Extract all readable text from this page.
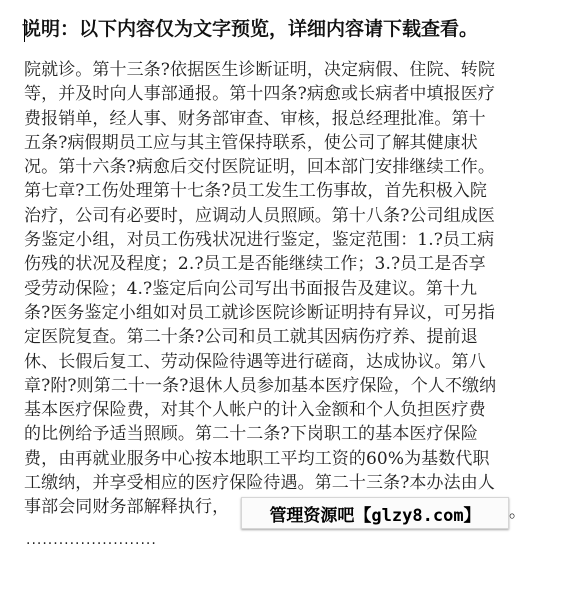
说明：以下内容仅为文字预览，详细内容请下载查看。
院就诊。第十三条?依据医生诊断证明，决定病假、住院、转院
等，并及时向人事部通报。第十四条?病愈或长病者中填报医疗
费报销单，经人事、财务部审查、审核，报总经理批准。第十
五条?病假期员工应与其主管保持联系，使公司了解其健康状
况。第十六条?病愈后交付医院证明，回本部门安排继续工作。
第七章?工伤处理第十七条?员工发生工伤事故，首先积极入院
治疗，公司有必要时，应调动人员照顾。第十八条?公司组成医
务鉴定小组，对员工伤残状况进行鉴定，鉴定范围：1.?员工病
伤残的状况及程度；2.?员工是否能继续工作；3.?员工是否享
受劳动保险；4.?鉴定后向公司写出书面报告及建议。第十九
条?医务鉴定小组如对员工就诊医院诊断证明持有异议，可另指
定医院复查。第二十条?公司和员工就其因病伤疗养、提前退
休、长假后复工、劳动保险待遇等进行磋商，达成协议。第八
章?附?则第二十一条?退休人员参加基本医疗保险，个人不缴纳
基本医疗保险费，对其个人帐户的计入金额和个人负担医疗费
的比例给予适当照顾。第二十二条?下岗职工的基本医疗保险
费，由再就业服务中心按本地职工平均工资的60%为基数代职
工缴纳，并享受相应的医疗保险待遇。第二十三条?本办法由人
事部会同财务部解释执行，	。
管理资源吧【glzy8.com】
........................
